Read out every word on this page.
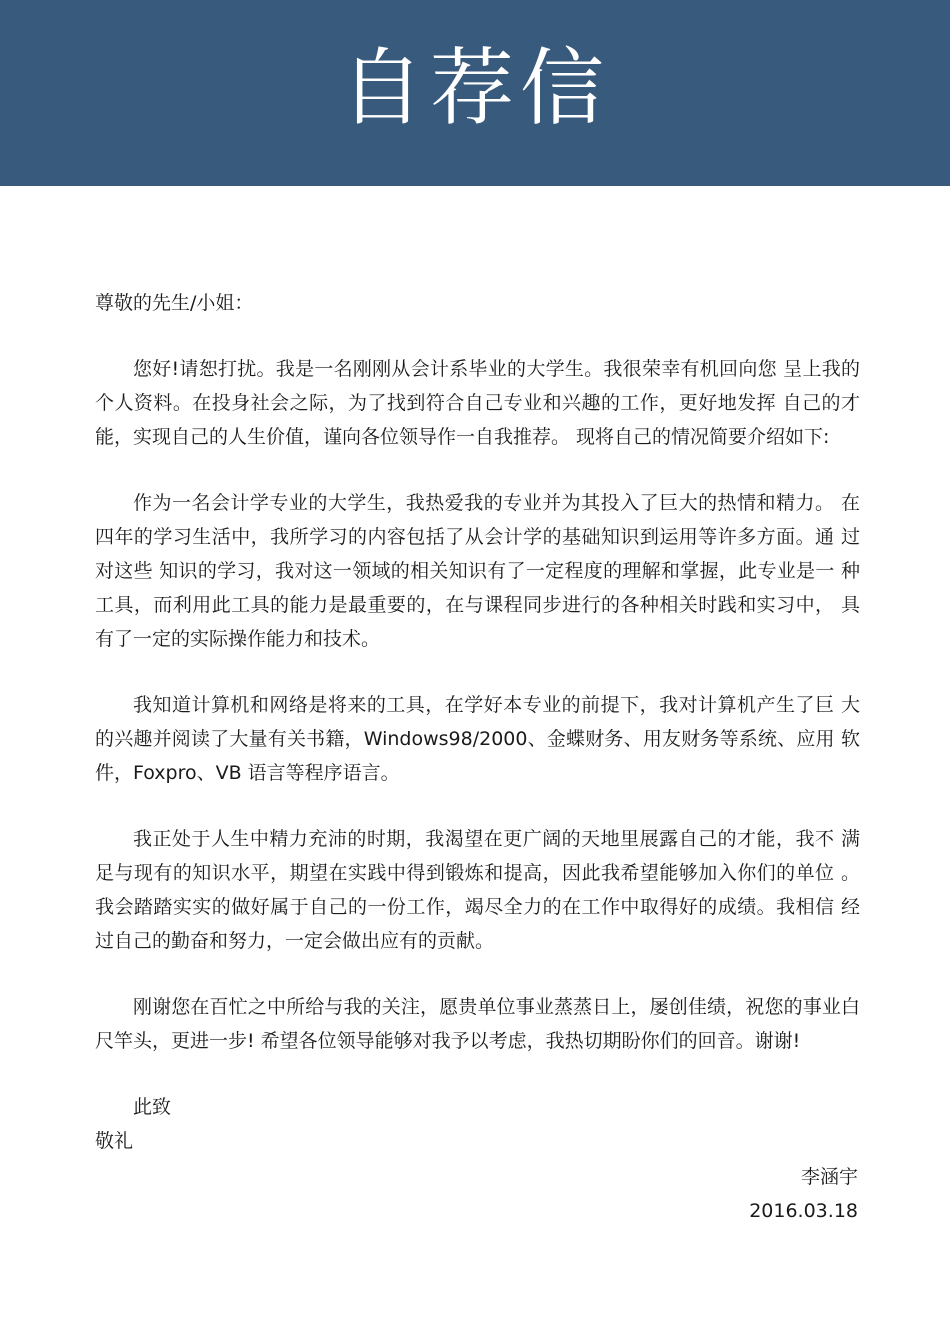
自荐信

尊敬的先生/小姐：

您好!请恕打扰。我是一名刚刚从会计系毕业的大学生。我很荣幸有机回向您 呈上我的个人资料。在投身社会之际，为了找到符合自己专业和兴趣的工作，更好地发挥 自己的才能，实现自己的人生价值，谨向各位领导作一自我推荐。 现将自己的情况简要介绍如下:

作为一名会计学专业的大学生，我热爱我的专业并为其投入了巨大的热情和精力。 在四年的学习生活中，我所学习的内容包括了从会计学的基础知识到运用等许多方面。通 过对这些 知识的学习，我对这一领域的相关知识有了一定程度的理解和掌握，此专业是一 种工具，而利用此工具的能力是最重要的，在与课程同步进行的各种相关时践和实习中， 具有了一定的实际操作能力和技术。

我知道计算机和网络是将来的工具，在学好本专业的前提下，我对计算机产生了巨 大的兴趣并阅读了大量有关书籍，Windows98/2000、金蝶财务、用友财务等系统、应用 软件，Foxpro、VB 语言等程序语言。

我正处于人生中精力充沛的时期，我渴望在更广阔的天地里展露自己的才能，我不 满足与现有的知识水平，期望在实践中得到锻炼和提高，因此我希望能够加入你们的单位 。我会踏踏实实的做好属于自己的一份工作，竭尽全力的在工作中取得好的成绩。我相信 经过自己的勤奋和努力，一定会做出应有的贡献。

刚谢您在百忙之中所给与我的关注，愿贵单位事业蒸蒸日上，屡创佳绩，祝您的事业白尺竿头，更进一步! 希望各位领导能够对我予以考虑，我热切期盼你们的回音。谢谢!

此致

敬礼

李涵宇
2016.03.18
